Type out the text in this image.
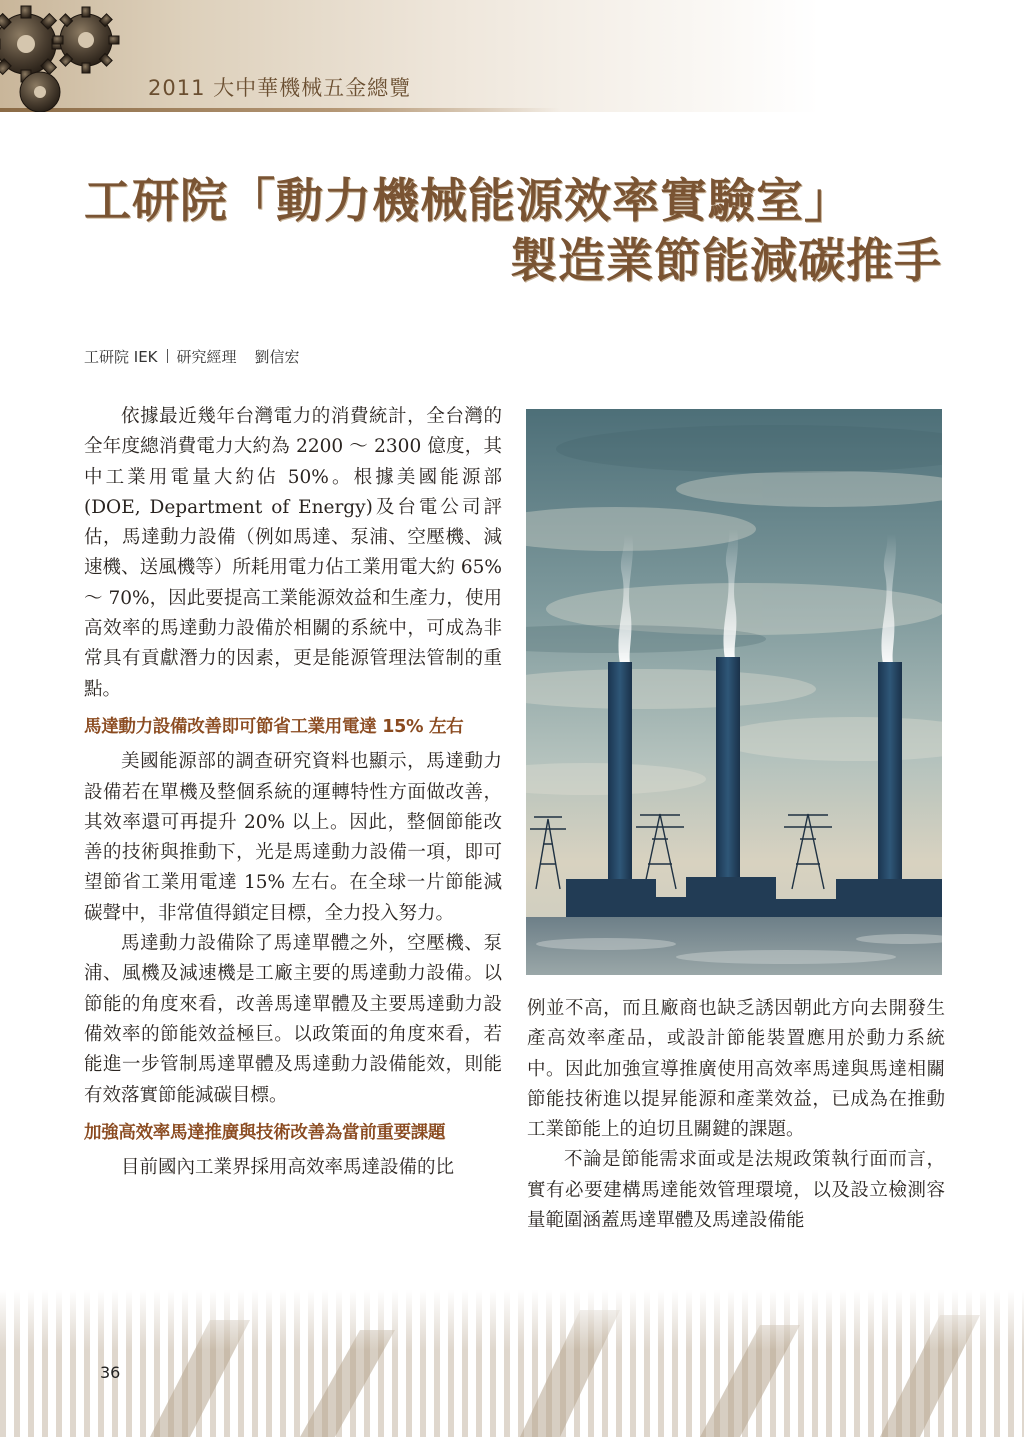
2011 大中華機械五金總覽
工研院「動力機械能源效率實驗室」
製造業節能減碳推手
工研院 IEK 研究經理 劉信宏

依據最近幾年台灣電力的消費統計，全台灣的全年度總消費電力大約為 2200 ～ 2300 億度，其中工業用電量大約佔 50%。根據美國能源部(DOE, Department of Energy)及台電公司評估，馬達動力設備（例如馬達、泵浦、空壓機、減速機、送風機等）所耗用電力佔工業用電大約 65% ～ 70%，因此要提高工業能源效益和生產力，使用高效率的馬達動力設備於相關的系統中，可成為非常具有貢獻潛力的因素，更是能源管理法管制的重點。

馬達動力設備改善即可節省工業用電達 15% 左右

美國能源部的調查研究資料也顯示，馬達動力設備若在單機及整個系統的運轉特性方面做改善，其效率還可再提升 20% 以上。因此，整個節能改善的技術與推動下，光是馬達動力設備一項，即可望節省工業用電達 15% 左右。在全球一片節能減碳聲中，非常值得鎖定目標，全力投入努力。

馬達動力設備除了馬達單體之外，空壓機、泵浦、風機及減速機是工廠主要的馬達動力設備。以節能的角度來看，改善馬達單體及主要馬達動力設備效率的節能效益極巨。以政策面的角度來看，若能進一步管制馬達單體及馬達動力設備能效，則能有效落實節能減碳目標。

加強高效率馬達推廣與技術改善為當前重要課題

目前國內工業界採用高效率馬達設備的比

例並不高，而且廠商也缺乏誘因朝此方向去開發生產高效率產品，或設計節能裝置應用於動力系統中。因此加強宣導推廣使用高效率馬達與馬達相關節能技術進以提昇能源和產業效益，已成為在推動工業節能上的迫切且關鍵的課題。

不論是節能需求面或是法規政策執行面而言，實有必要建構馬達能效管理環境，以及設立檢測容量範圍涵蓋馬達單體及馬達設備能

36
